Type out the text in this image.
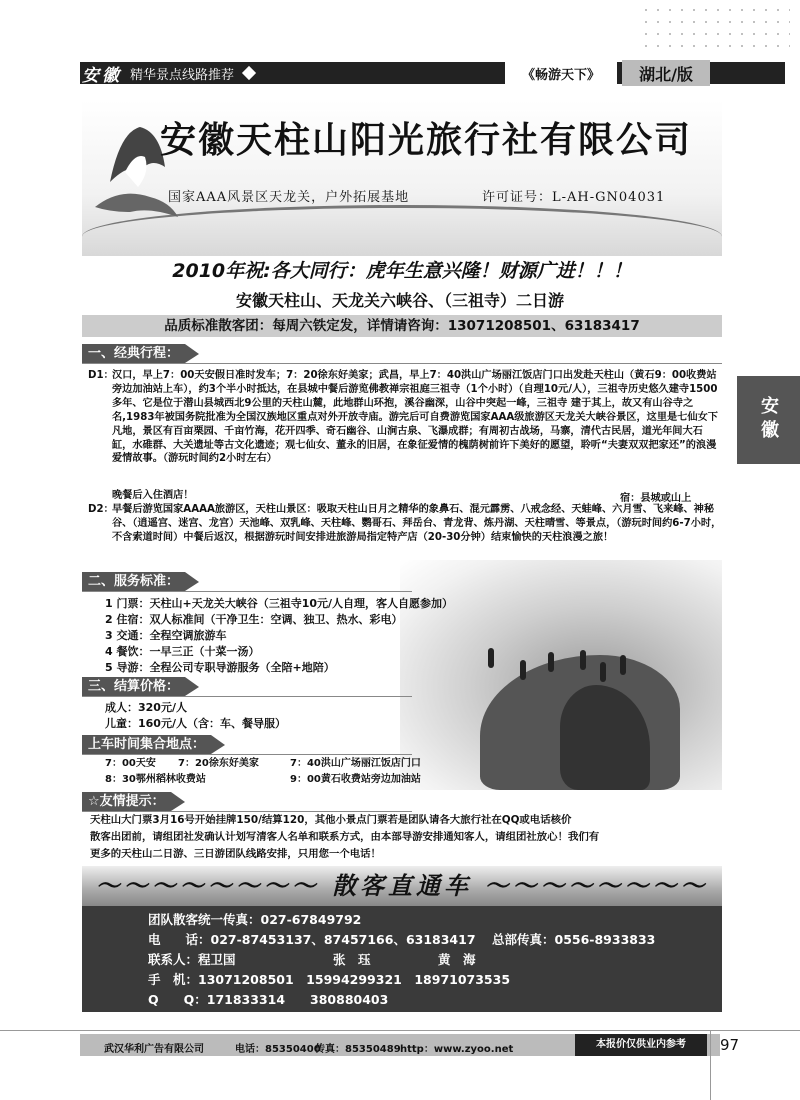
安徽 精华景点线路推荐	《畅游天下》	湖北/版
安徽
安徽天柱山阳光旅行社有限公司
国家AAA风景区天龙关，户外拓展基地	许可证号：L-AH-GN04031
2010年祝:各大同行：虎年生意兴隆！财源广进！！！
安徽天柱山、天龙关六峡谷、（三祖寺）二日游
品质标准散客团：每周六铁定发，详情请咨询：13071208501、63183417
一、经典行程：
D1：
汉口，早上7：00天安假日准时发车；7：20徐东好美家；武昌，早上7：40洪山广场丽江饭店门口出发赴天柱山（黄石9：00收费站旁边加油站上车），约3个半小时抵达，在县城中餐后游览佛教禅宗祖庭三祖寺（1个小时）（自理10元/人），三祖寺历史悠久建寺1500多年、它是位于潜山县城西北9公里的天柱山麓，此地群山环抱，溪谷幽深，山谷中突起一峰，三祖寺 建于其上，故又有山谷寺之名,1983年被国务院批准为全国汉族地区重点对外开放寺庙。游完后可自费游览国家AAA级旅游区天龙关大峡谷景区，这里是七仙女下凡地，景区有百亩栗园、千亩竹海，花开四季、奇石幽谷、山涧古泉、飞瀑成群；有周初古战场，马寨，清代古民居，道光年间大石缸，水碓群、大关遗址等古文化遗迹；观七仙女、董永的旧居，在象征爱情的槐荫树前许下美好的愿望，聆听“夫妻双双把家还”的浪漫爱情故事。（游玩时间约2小时左右）
晚餐后入住酒店！	宿：县城或山上
D2：
早餐后游览国家AAAA旅游区，天柱山景区：吸取天柱山日月之精华的象鼻石、混元霹雳、八戒念经、天蛙峰、六月雪、飞来峰、神秘谷、（逍遥宫、迷宫、龙宫）天池峰、双乳峰、天柱峰、鹦哥石、拜岳台、青龙背、炼丹湖、天柱晴雪、等景点，（游玩时间约6-7小时，不含索道时间）中餐后返汉，根据游玩时间安排进旅游局指定特产店（20-30分钟）结束愉快的天柱浪漫之旅！
二、服务标准：
1 门票：天柱山+天龙关大峡谷（三祖寺10元/人自理，客人自愿参加）
2 住宿：双人标准间（干净卫生：空调、独卫、热水、彩电）
3 交通：全程空调旅游车
4 餐饮：一早三正（十菜一汤）
5 导游：全程公司专职导游服务（全陪+地陪）
三、结算价格：
成人：320元/人
儿童：160元/人（含：车、餐导服）
上车时间集合地点：
7：00天安 7：20徐东好美家	7：40洪山广场丽江饭店门口
8：30鄂州稻林收费站	9：00黄石收费站旁边加油站
☆友情提示：
天柱山大门票3月16号开始挂牌150/结算120，其他小景点门票若是团队请各大旅行社在QQ或电话核价
散客出团前，请组团社发确认计划写清客人名单和联系方式，由本部导游安排通知客人，请组团社放心！我们有
更多的天柱山二日游、三日游团队线路安排，只用您一个电话！
～～～～～～～～ 散客直通车 ～～～～～～～～
团队散客统一传真：027-67849792
电　　话：027-87453137、87457166、63183417 总部传真：0556-8933833
联系人：程卫国	张　珏	黄　海
手　机：13071208501　15994299321　18971073535
Q　　Q：171833314　　380880403
武汉华利广告有限公司	电话：85350400
传真：85350489 http：www.zyoo.net	本报价仅供业内参考	97
